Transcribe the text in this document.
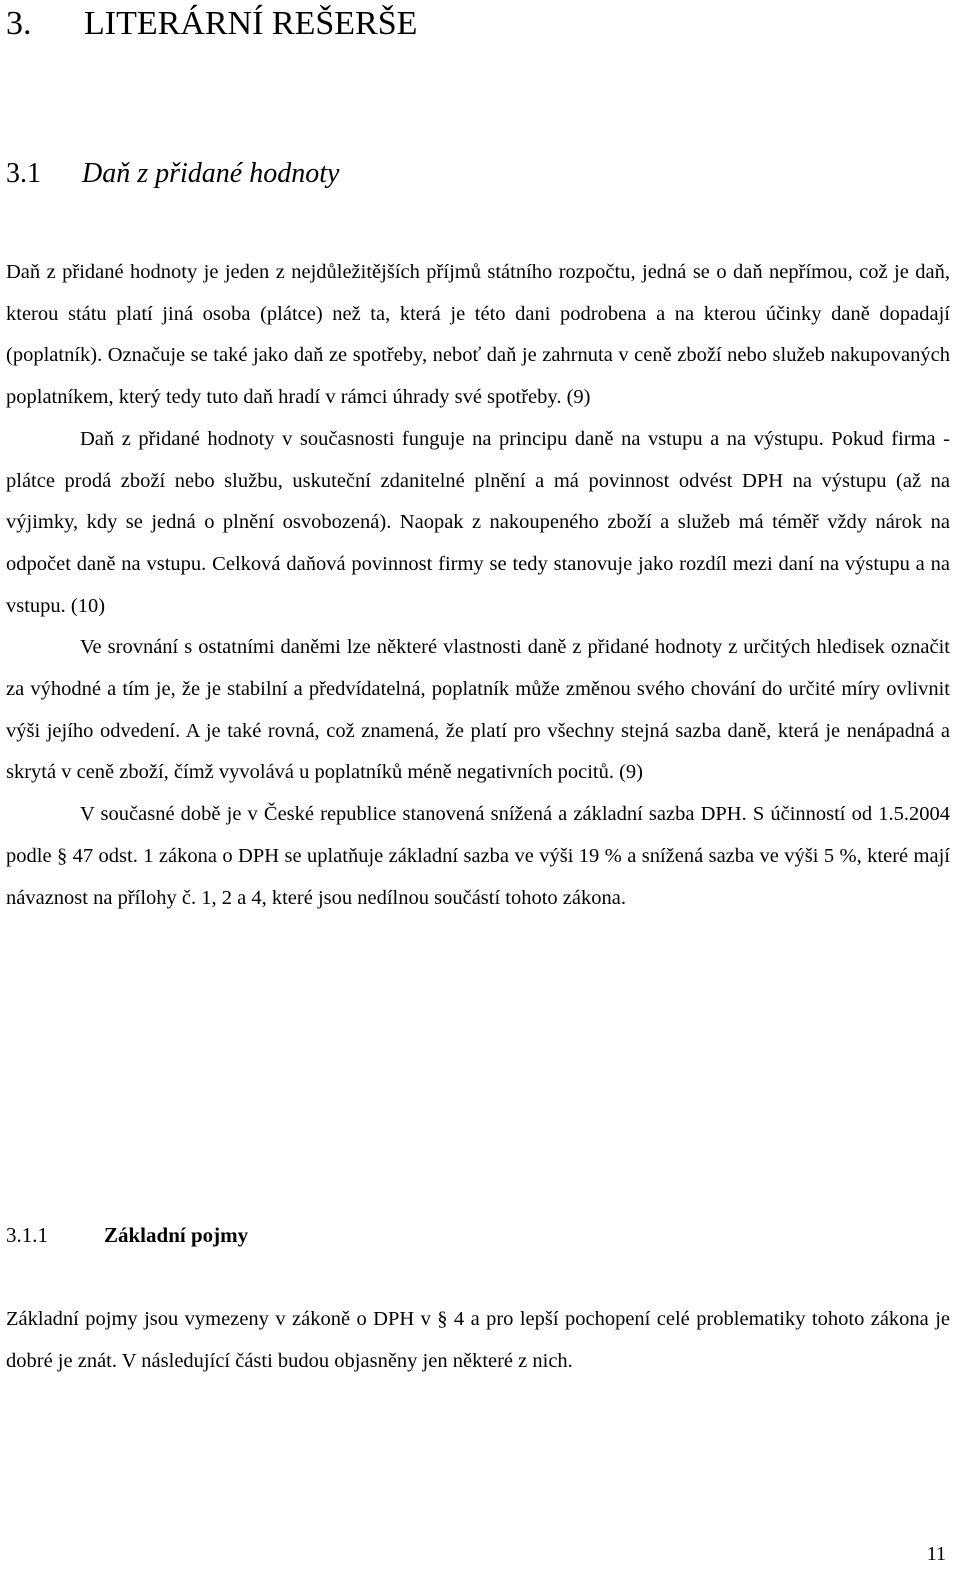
3. LITERÁRNÍ REŠERŠE
3.1 Daň z přidané hodnoty

Daň z přidané hodnoty je jeden z nejdůležitějších příjmů státního rozpočtu, jedná se o daň nepřímou, což je daň, kterou státu platí jiná osoba (plátce) než ta, která je této dani podrobena a na kterou účinky daně dopadají (poplatník). Označuje se také jako daň ze spotřeby, neboť daň je zahrnuta v ceně zboží nebo služeb nakupovaných poplatníkem, který tedy tuto daň hradí v rámci úhrady své spotřeby. (9)

Daň z přidané hodnoty v současnosti funguje na principu daně na vstupu a na výstupu. Pokud firma - plátce prodá zboží nebo službu, uskuteční zdanitelné plnění a má povinnost odvést DPH na výstupu (až na výjimky, kdy se jedná o plnění osvobozená). Naopak z nakoupeného zboží a služeb má téměř vždy nárok na odpočet daně na vstupu. Celková daňová povinnost firmy se tedy stanovuje jako rozdíl mezi daní na výstupu a na vstupu. (10)

Ve srovnání s ostatními daněmi lze některé vlastnosti daně z přidané hodnoty z určitých hledisek označit za výhodné a tím je, že je stabilní a předvídatelná, poplatník může změnou svého chování do určité míry ovlivnit výši jejího odvedení. A je také rovná, což znamená, že platí pro všechny stejná sazba daně, která je nenápadná a skrytá v ceně zboží, čímž vyvolává u poplatníků méně negativních pocitů. (9)

V současné době je v České republice stanovená snížená a základní sazba DPH. S účinností od 1.5.2004 podle § 47 odst. 1 zákona o DPH se uplatňuje základní sazba ve výši 19 % a snížená sazba ve výši 5 %, které mají návaznost na přílohy č. 1, 2 a 4, které jsou nedílnou součástí tohoto zákona.

3.1.1	Základní pojmy

Základní pojmy jsou vymezeny v zákoně o DPH v § 4 a pro lepší pochopení celé problematiky tohoto zákona je dobré je znát. V následující části budou objasněny jen některé z nich.

11
